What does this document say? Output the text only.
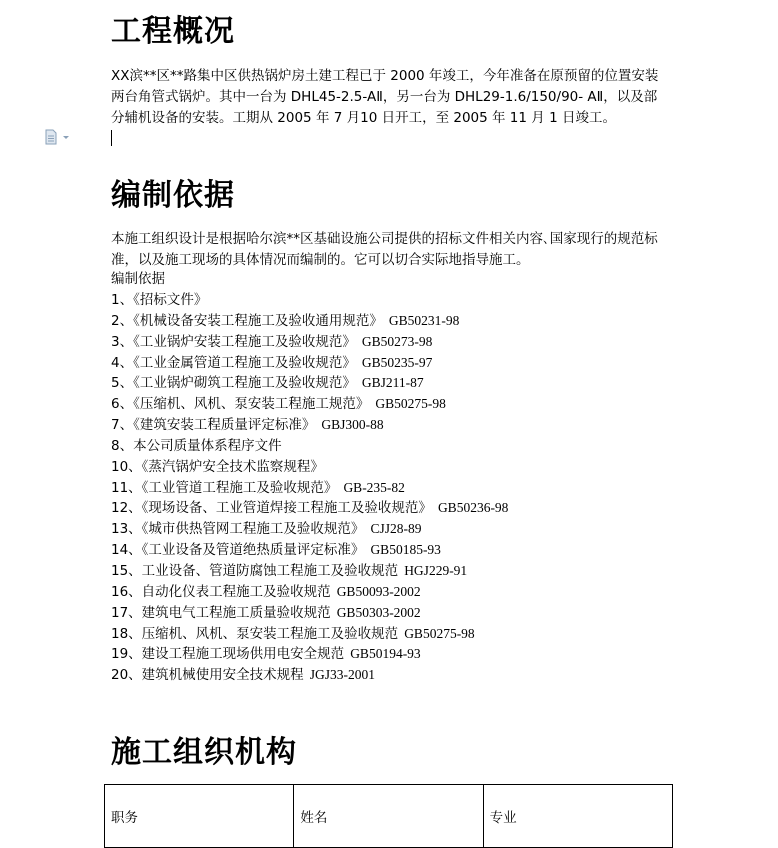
工程概况

XX滨**区**路集中区供热锅炉房土建工程已于 2000 年竣工，今年准备在原预留的位置安装两台角管式锅炉。其中一台为 DHL45-2.5-AⅡ，另一台为 DHL29-1.6/150/90- AⅡ，以及部分辅机设备的安装。工期从 2005 年 7 月10 日开工，至 2005 年 11 月 1 日竣工。

编制依据

本施工组织设计是根据哈尔滨**区基础设施公司提供的招标文件相关内容､国家现行的规范标准，以及施工现场的具体情况而编制的。它可以切合实际地指导施工。

编制依据

1、《招标文件》
2、《机械设备安装工程施工及验收通用规范》 GB50231-98
3、《工业锅炉安装工程施工及验收规范》 GB50273-98
4、《工业金属管道工程施工及验收规范》 GB50235-97
5、《工业锅炉砌筑工程施工及验收规范》 GBJ211-87
6、《压缩机、风机、泵安装工程施工规范》 GB50275-98
7、《建筑安装工程质量评定标准》 GBJ300-88
8、本公司质量体系程序文件
10、《蒸汽锅炉安全技术监察规程》
11、《工业管道工程施工及验收规范》 GB-235-82
12、《现场设备、工业管道焊接工程施工及验收规范》 GB50236-98
13、《城市供热管网工程施工及验收规范》 CJJ28-89
14、《工业设备及管道绝热质量评定标准》 GB50185-93
15、工业设备、管道防腐蚀工程施工及验收规范 HGJ229-91
16、自动化仪表工程施工及验收规范 GB50093-2002
17、建筑电气工程施工质量验收规范 GB50303-2002
18、压缩机、风机、泵安装工程施工及验收规范 GB50275-98
19、建设工程施工现场供用电安全规范 GB50194-93
20、建筑机械使用安全技术规程 JGJ33-2001
施工组织机构
职务	姓名	专业
